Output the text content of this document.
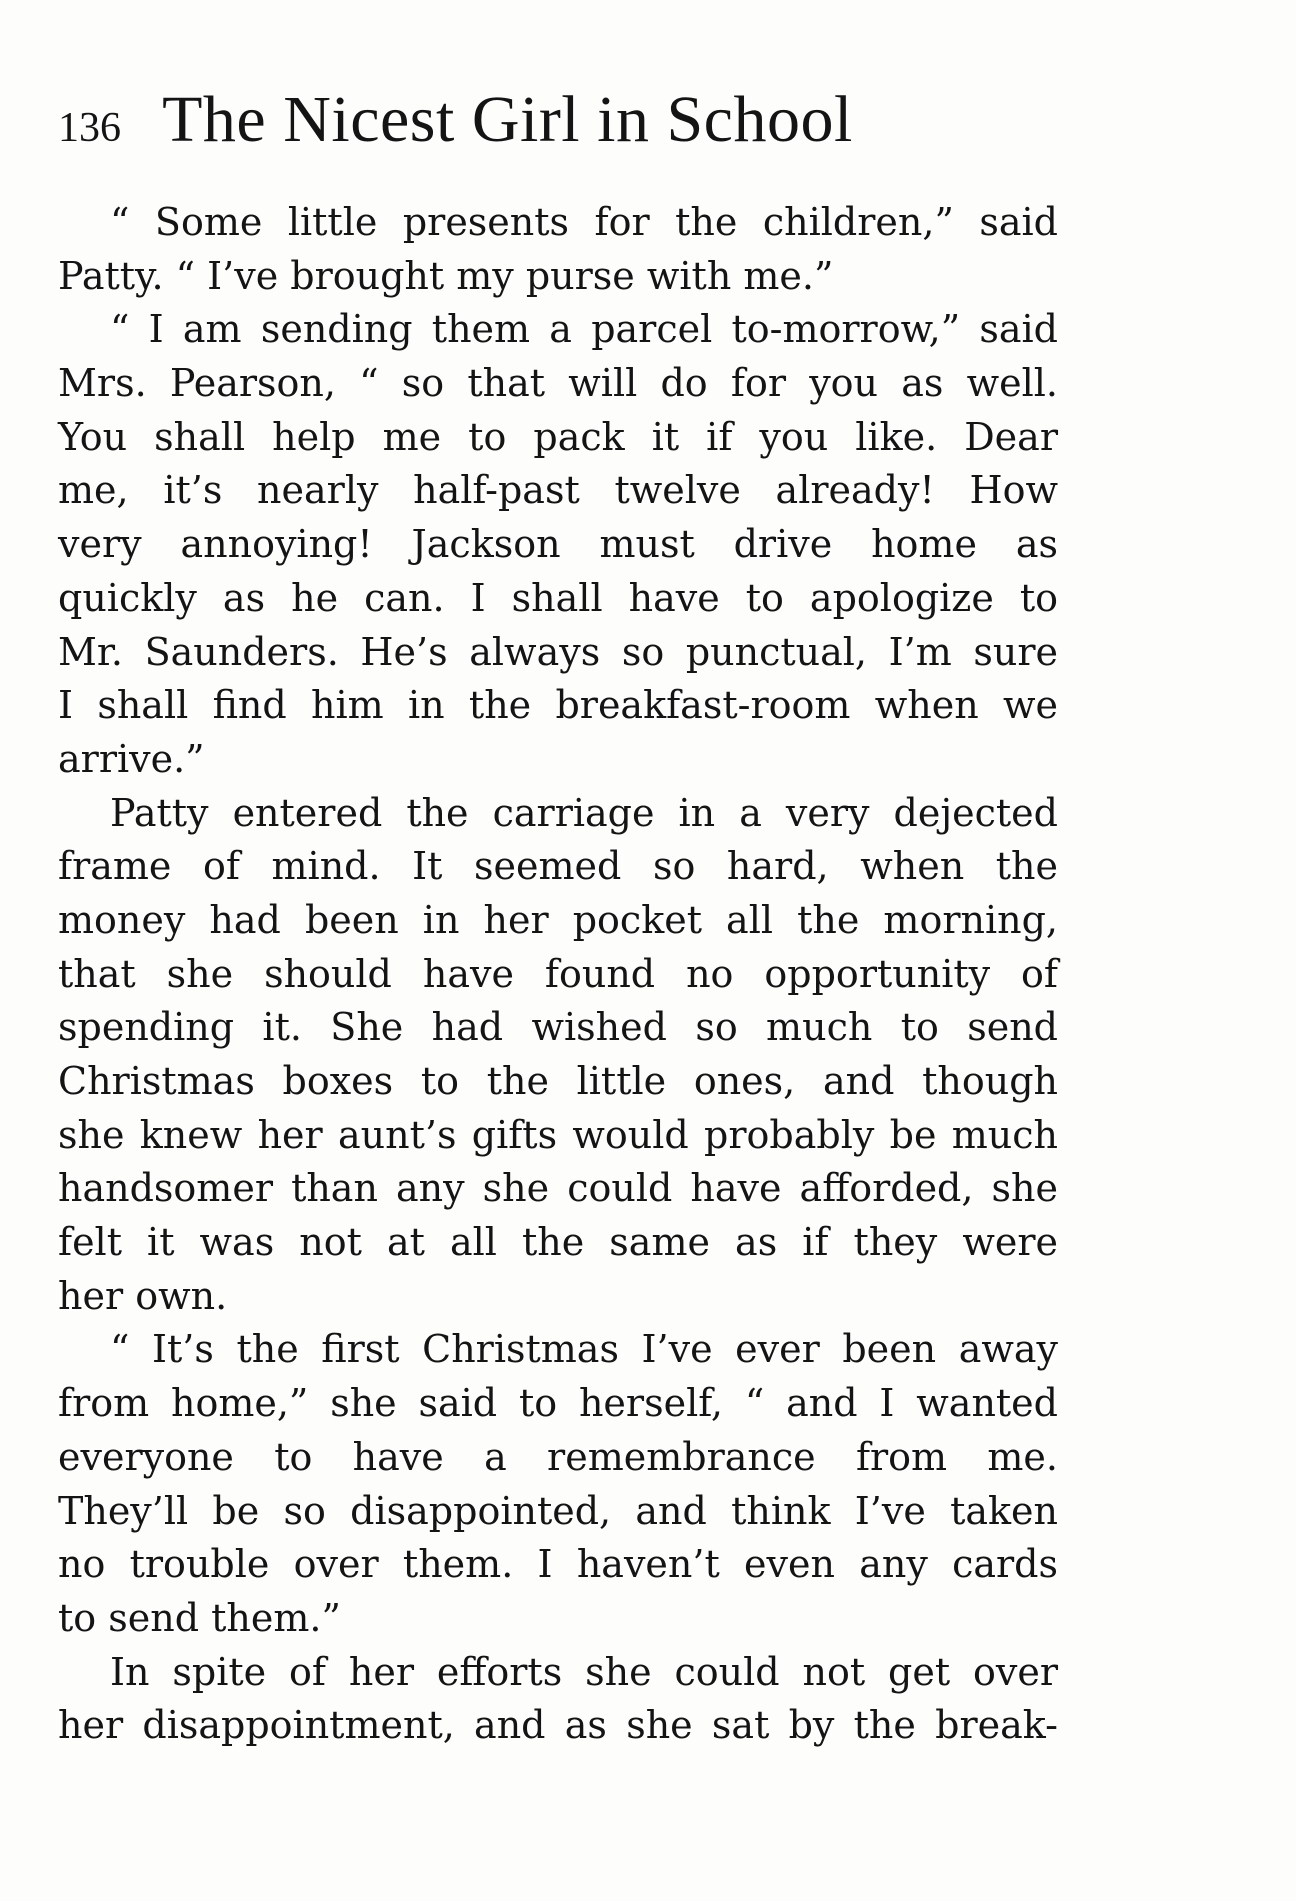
136 The Nicest Girl in School
“ Some little presents for the children,” said
Patty. “ I’ve brought my purse with me.”
“ I am sending them a parcel to-morrow,” said
Mrs. Pearson, “ so that will do for you as well.
You shall help me to pack it if you like. Dear
me, it’s nearly half-past twelve already! How
very annoying! Jackson must drive home as
quickly as he can. I shall have to apologize to
Mr. Saunders. He’s always so punctual, I’m sure
I shall find him in the breakfast-room when we
arrive.”
Patty entered the carriage in a very dejected
frame of mind. It seemed so hard, when the
money had been in her pocket all the morning,
that she should have found no opportunity of
spending it. She had wished so much to send
Christmas boxes to the little ones, and though
she knew her aunt’s gifts would probably be much
handsomer than any she could have afforded, she
felt it was not at all the same as if they were
her own.
“ It’s the first Christmas I’ve ever been away
from home,” she said to herself, “ and I wanted
everyone to have a remembrance from me.
They’ll be so disappointed, and think I’ve taken
no trouble over them. I haven’t even any cards
to send them.”
In spite of her efforts she could not get over
her disappointment, and as she sat by the break-
